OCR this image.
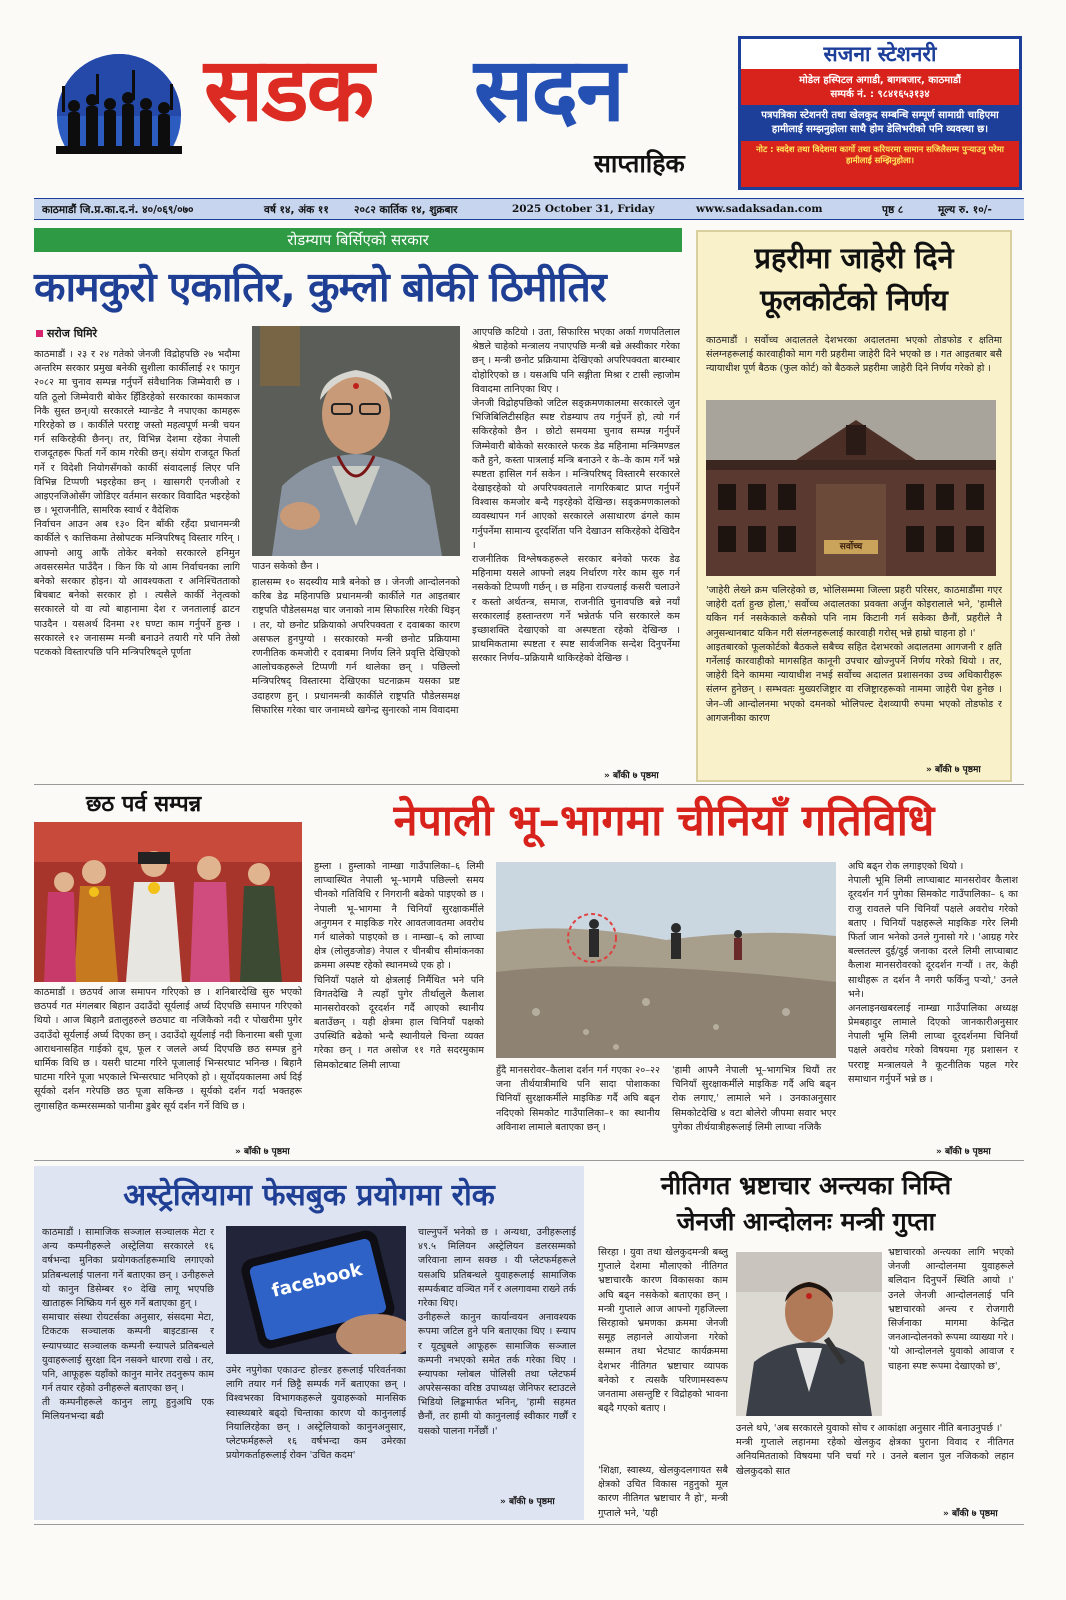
सडक सदन
साप्ताहिक
सजना स्टेशनरी
मोडेल हस्पिटल अगाडी, बागबजार, काठमाडौं
सम्पर्क नं. : ९८४१६५३१३४
पत्रपत्रिका स्टेशनरी तथा खेलकुद सम्बन्धि सम्पूर्ण सामाग्री चाहिएमा हामीलाई सम्झनुहोला साथै होम डेलिभरीको पनि व्यवस्था छ।
नोट : स्वदेश तथा विदेशमा कार्गो तथा करियरमा सामान सजिलैसम्म पुऱ्याउनु परेमा हामीलाई सम्झिनुहोला।
काठमाडौं जि.प्र.का.द.नं. ४०/०६९/०७०	वर्ष १४, अंक ११ २०८२ कार्तिक १४, शुक्रबार	2025 October 31, Friday	www.sadaksadan.com	पृष्ठ ८	मूल्य रु. १०/-
रोडम्याप बिर्सिएको सरकार
कामकुरो एकातिर, कुम्लो बोकी ठिमीतिर
सरोज घिमिरे
काठमाडौं । २३ र २४ गतेको जेनजी विद्रोहपछि २७ भदौमा अन्तरिम सरकार प्रमुख बनेकी सुशीला कार्कीलाई २१ फागुन २०८२ मा चुनाव सम्पन्न गर्नुपर्ने संवैधानिक जिम्मेवारी छ । यति ठूलो जिम्मेवारी बोकेर हिँडिरहेको सरकारका कामकाज निकै सुस्त छन्।यो सरकारले म्यान्डेट नै नपाएका कामहरू गरिरहेको छ । कार्कीले परराष्ट्र जस्तो महत्वपूर्ण मन्त्री चयन गर्न सकिरहेकी छैनन्। तर, विभिन्न देशमा रहेका नेपाली राजदूतहरू फिर्ता गर्ने काम गरेकी छन्। संयोग राजदूत फिर्ता गर्ने र विदेशी नियोगसँगको कार्की संवादलाई लिएर पनि विभिन्न टिप्पणी भइरहेका छन् । खासगरी एनजीओ र आइएनजिओसँग जोडिएर वर्तमान सरकार विवादित भइरहेको छ । भूराजनीति, सामरिक स्वार्थ र वैदेशिक
निर्वाचन आउन अब १३० दिन बाँकी रहँदा प्रधानमन्त्री कार्कीले ९ कात्तिकमा तेस्रोपटक मन्त्रिपरिषद् विस्तार गरिन् । आफ्नो आयु आफैं तोकेर बनेको सरकारले हनिमुन अवसरसमेत पाउँदैन । किन कि यो आम निर्वाचनका लागि बनेको सरकार होइन। यो आवश्यकता र अनिश्चितताको बिचबाट बनेको सरकार हो । त्यसैले कार्की नेतृत्वको सरकारले यो वा त्यो बाहानामा देश र जनतालाई ढाटन पाउदैन । यसअर्थ दिनमा २१ घण्टा काम गर्नुपर्ने हुन्छ । सरकारले १२ जनासम्म मन्त्री बनाउने तयारी गरे पनि तेस्रो पटकको विस्तारपछि पनि मन्त्रिपरिषद्ले पूर्णता
पाउन सकेको छैन ।
हालसम्म १० सदस्यीय मात्रै बनेको छ । जेनजी आन्दोलनको करिब डेढ महिनापछि प्रधानमन्त्री कार्कीले गत आइतबार राष्ट्रपति पौडेलसमक्ष चार जनाको नाम सिफारिस गरेकी थिइन् । तर, यो छनोट प्रक्रियाको अपरिपक्वता र दवाबका कारण असफल हुनपुग्यो । सरकारको मन्त्री छनोट प्रक्रियामा रणनीतिक कमजोरी र दवाबमा निर्णय लिने प्रवृत्ति देखिएको आलोचकहरूले टिप्पणी गर्न थालेका छन् । पछिल्लो मन्त्रिपरिषद् विस्तारमा देखिएका घटनाक्रम यसका प्रष्ट उदाहरण हुन् । प्रधानमन्त्री कार्कीले राष्ट्रपति पौडेलसमक्ष सिफारिस गरेका चार जनामध्ये खगेन्द्र सुनारको नाम विवादमा
आएपछि कटियो । उता, सिफारिस भएका अर्का गणपतिलाल श्रेष्ठले चाहेको मन्त्रालय नपाएपछि मन्त्री बन्ने अस्वीकार गरेका छन् । मन्त्री छनोट प्रक्रियामा देखिएको अपरिपक्वता बारम्बार दोहोरिएको छ । यसअघि पनि सङ्गीता मिश्रा र टासी ल्हाजोम विवादमा तानिएका थिए ।
जेनजी विद्रोहपछिको जटिल सङ्क्रमणकालमा सरकारले जुन भिजिबिलिटीसहित स्पष्ट रोडम्याप तय गर्नुपर्ने हो, त्यो गर्न सकिरहेको छैन । छोटो समयमा चुनाव सम्पन्न गर्नुपर्ने जिम्मेवारी बोकेको सरकारले फरक डेढ महिनामा मन्त्रिमण्डल कतै हुने, कस्ता पात्रलाई मन्त्रि बनाउने र के–के काम गर्ने भन्ने स्पष्टता हासिल गर्न सकेन । मन्त्रिपरिषद् विस्तारमै सरकारले देखाइरहेको यो अपरिपक्वताले नागरिकबाट प्राप्त गर्नुपर्ने विश्वास कमजोर बन्दै गइरहेको देखिन्छ। सङ्क्रमणकालको व्यवस्थापन गर्न आएको सरकारले असाधारण ढंगले काम गर्नुपर्नेमा सामान्य दूरदर्शिता पनि देखाउन सकिरहेको देखिदैन ।
राजनीतिक विश्लेषकहरूले सरकार बनेको फरक डेढ महिनामा यसले आफ्नो लक्ष्य निर्धारण गरेर काम सुरु गर्न नसकेको टिप्पणी गर्छन् । छ महिना राज्यलाई कसरी चलाउने र कस्तो अर्थतन्त्र, समाज, राजनीति चुनावपछि बन्ने नयाँ सरकारलाई हस्तान्तरण गर्ने भन्नेतर्फ पनि सरकारले कम इच्छाशक्ति देखाएको वा अस्पष्टता रहेको देखिन्छ । प्राथमिकतामा स्पष्टता र स्पष्ट सार्वजनिक सन्देश दिनुपर्नेमा सरकार निर्णय–प्रक्रियामै थाकिरहेको देखिन्छ ।
» बाँकी ७ पृष्ठमा
प्रहरीमा जाहेरी दिने
फूलकोर्टको निर्णय
काठमाडौं । सर्वोच्च अदालतले देशभरका अदालतमा भएको तोडफोड र क्षतिमा संलग्नहरूलाई कारवाहीको माग गरी प्रहरीमा जाहेरी दिने भएको छ । गत आइतबार बसै न्यायाधीश पूर्ण बैठक (फुल कोर्ट) को बैठकले प्रहरीमा जाहेरी दिने निर्णय गरेको हो ।
सर्वोच्च
'जाहेरी लेख्ने क्रम चलिरहेको छ, भोलिसम्ममा जिल्ला प्रहरी परिसर, काठमाडौंमा गएर जाहेरी दर्ता हुन्छ होला,' सर्वोच्च अदालतका प्रवक्ता अर्जुन कोइरालाले भने, 'हामीले यकिन गर्न नसकेकाले कसैको पनि नाम किटानी गर्न सकेका छैनौं, प्रहरीले नै अनुसन्धानबाट यकिन गरी संलग्नहरूलाई कारवाही गरोस् भन्ने हाम्रो चाहना हो ।'
आइतबारको फूलकोर्टको बैठकले सबैच्च सहित देशभरको अदालतमा आगजनी र क्षति गर्नेलाई कारवाहीको मागसहित कानूनी उपचार खोज्नुपर्ने निर्णय गरेको थियो । तर, जाहेरी दिने काममा न्यायाधीश नभई सर्वोच्च अदालत प्रशासनका उच्च अधिकारीहरू संलग्न हुनेछन् । सम्भवतः मुख्यरजिष्ट्रार वा रजिष्ट्रारहरूको नाममा जाहेरी पेश हुनेछ । जेन–जी आन्दोलनमा भएको दमनको भोलिपल्ट देशव्यापी रुपमा भएको तोडफोड र आगजनीका कारण
» बाँकी ७ पृष्ठमा
छठ पर्व सम्पन्न
काठमाडौं । छठपर्व आज समापन गरिएको छ । शनिबारदेखि सुरु भएको छठपर्व गत मंगलबार बिहान उदाउँदो सूर्यलाई अर्घ्य दिएपछि समापन गरिएको थियो । आज बिहानै व्रतालुहरुले छठघाट वा नजिकैको नदी र पोखरीमा पुगेर उदाउँदो सूर्यलाई अर्घ्य दिएका छन् । उदाउँदो सूर्यलाई नदी किनारमा बसी पूजा आराधनासहित गाईको दूध, फूल र जलले अर्घ्य दिएपछि छठ सम्पन्न हुने धार्मिक विधि छ । यसरी घाटमा गरिने पूजालाई भिन्सरघाट भनिन्छ । बिहानै घाटमा गरिने पूजा भएकाले भिन्सरघाट भनिएको हो । सूर्योदयकालमा अर्घ दिई सूर्यको दर्शन गरेपछि छठ पूजा सकिन्छ । सूर्यको दर्शन गर्दा भक्तहरू लुगासहित कम्मरसम्मको पानीमा डुबेर सूर्य दर्शन गर्ने विधि छ ।
» बाँकी ७ पृष्ठमा
नेपाली भू–भागमा चीनियाँ गतिविधि
हुम्ला । हुम्लाको नाम्खा गाउँपालिका–६ लिमी लाप्चास्थित नेपाली भू–भागमै पछिल्लो समय चीनको गतिविधि र निगरानी बढेको पाइएको छ । नेपाली भू–भागमा नै चिनियाँ सुरक्षाकर्मीले अनुगमन र माइकिङ गरेर आवतजावतमा अवरोध गर्न थालेको पाइएको छ । नाम्खा–६ को लाप्चा क्षेत्र (लोलुङजोङ) नेपाल र चीनबीच सीमांकनका क्रममा अस्पष्ट रहेको स्थानमध्ये एक हो ।
चिनियाँ पक्षले यो क्षेत्रलाई निर्मैथित भने पनि विगतदेखि नै त्यहाँ पुगेर तीर्थालुले कैलाश मानसरोवरको दूरदर्शन गर्दै आएको स्थानीय बताउँछन् । यही क्षेत्रमा हाल चिनियाँ पक्षको उपस्थिति बढेको भन्दै स्थानीयले चिन्ता व्यक्त गरेका छन् । गत असोज ११ गते सदरमुकाम सिमकोटबाट लिमी लाप्चा	हुँदै मानसरोवर–कैलाश दर्शन गर्न गएका २०–२२ जना तीर्थयात्रीमाथि पनि सादा पोशाकका चिनियाँ सुरक्षाकर्मीले माइकिङ गर्दै अघि बढ्न नदिएको सिमकोट गाउँपालिका–१ का स्थानीय अविनाश लामाले बताएका छन् ।
'हामी आफ्नै नेपाली भू–भागभित्र थियौं तर चिनियाँ सुरक्षाकर्मीले माइकिङ गर्दै अघि बढ्न रोक लगाए,' लामाले भने । उनकाअनुसार सिमकोटदेखि ४ वटा बोलेरो जीपमा सवार भएर पुगेका तीर्थयात्रीहरूलाई लिमी लाप्चा नजिकै
अघि बढ्न रोक लगाइएको थियो ।
नेपाली भूमि लिमी लाप्चाबाट मानसरोवर कैलाश दूरदर्शन गर्न पुगेका सिमकोट गाउँपालिका– ६ का राजु रावतले पनि चिनियाँ पक्षले अवरोध गरेको बताए । चिनियाँ पक्षहरूले माइकिङ गरेर लिमी फिर्ता जान भनेको उनले गुनासो गरे । 'आग्रह गरेर बल्लतल्ल दुई/दुई जनाका दरले लिमी लाप्चाबाट कैलाश मानसरोवरको दूरदर्शन गऱ्यौं । तर, केही साथीहरू त दर्शन नै नगरी फर्किनु पऱ्यो,' उनले भने।
अनलाइनखबरलाई नाम्खा गाउँपालिका अध्यक्ष प्रेमबहादुर लामाले दिएको जानकारीअनुसार नेपाली भूमि लिमी लाप्चा दूरदर्शनमा चिनियाँ पक्षले अवरोध गरेको विषयमा गृह प्रशासन र परराष्ट्र मन्त्रालयले नै कूटनीतिक पहल गरेर समाधान गर्नुपर्ने भन्ने छ ।
» बाँकी ७ पृष्ठमा
अस्ट्रेलियामा फेसबुक प्रयोगमा रोक
काठमाडौं । सामाजिक सञ्जाल सञ्चालक मेटा र अन्य कम्पनीहरूले अस्ट्रेलिया सरकारले १६ वर्षभन्दा मुनिका प्रयोगकर्ताहरूमाथि लगाएको प्रतिबन्धलाई पालना गर्ने बताएका छन् । उनीहरूले यो कानुन डिसेम्बर १० देखि लागू भएपछि खाताहरू निष्क्रिय गर्न सुरु गर्ने बताएका हुन् ।
समाचार संस्था रोयटर्सका अनुसार, संसदमा मेटा, टिकटक सञ्चालक कम्पनी बाइटडान्स र स्न्यापच्याट सञ्चालक कम्पनी स्न्यापले प्रतिबन्धले युवाहरूलाई सुरक्षा दिन नसक्ने धारणा राखे । तर, पनि, आफूहरू यहाँको कानुन मानेर तदनुरूप काम गर्न तयार रहेको उनीहरूले बताएका छन् ।
ती कम्पनीहरूले कानुन लागू हुनुअघि एक मिलियनभन्दा बढी
facebook
उमेर नपुगेका एकाउन्ट होल्डर हरूलाई परिवर्तनका लागि तयार गर्न छिट्टै सम्पर्क गर्ने बताएका छन् । विश्वभरका विभागकहरूले युवाहरूको मानसिक स्वास्थ्यबारे बढ्दो चिन्ताका कारण यो कानुनलाई नियालिरहेका छन् । अस्ट्रेलियाको कानुनअनुसार, प्लेटफर्महरूले १६ वर्षभन्दा कम उमेरका प्रयोगकर्ताहरूलाई रोक्न 'उचित कदम'
चाल्नुपर्ने भनेको छ । अन्यथा, उनीहरूलाई ४९.५ मिलियन अस्ट्रेलियन डलरसम्मको जरिवाना लाग्न सक्छ । यी प्लेटफर्महरूले यसअघि प्रतिबन्धले युवाहरूलाई सामाजिक सम्पर्कबाट वञ्चित गर्ने र अलगावमा राख्ने तर्क गरेका थिए।
उनीहरूले कानुन कार्यान्वयन अनावश्यक रूपमा जटिल हुने पनि बताएका थिए । स्न्याप र यूट्युबले आफूहरू सामाजिक सञ्जाल कम्पनी नभएको समेत तर्क गरेका थिए । स्न्यापका ग्लोबल पोलिसी तथा प्लेटफर्म अपरेसन्सका वरिष्ठ उपाध्यक्ष जेनिफर स्टाउटले भिडियो लिङ्कमार्फत भनिन्, 'हामी सहमत छैनौं, तर हामी यो कानुनलाई स्वीकार गर्छौं र यसको पालना गर्नेछौं ।'
» बाँकी ७ पृष्ठमा
नीतिगत भ्रष्टाचार अन्त्यका निम्ति
जेनजी आन्दोलनः मन्त्री गुप्ता
सिरहा । युवा तथा खेलकुदमन्त्री बब्लु गुप्ताले देशमा मौलाएको नीतिगत भ्रष्टाचारकै कारण विकासका काम अघि बढ्न नसकेको बताएका छन् । मन्त्री गुप्ताले आज आफ्नो गृहजिल्ला सिरहाको भ्रमणका क्रममा जेनजी समूह लहानले आयोजना गरेको सम्मान तथा भेटघाट कार्यक्रममा देशभर नीतिगत भ्रष्टाचार व्यापक बनेको र त्यसकै परिणामस्वरूप जनतामा असन्तुष्टि र विद्रोहको भावना बढ्दै गएको बताए ।
भ्रष्टाचारको अन्त्यका लागि भएको जेनजी आन्दोलनमा युवाहरूले बलिदान दिनुपर्ने स्थिति आयो ।' उनले जेनजी आन्दोलनलाई पनि भ्रष्टाचारको अन्त्य र रोजगारी सिर्जनाका मागमा केन्द्रित जनआन्दोलनको रूपमा व्याख्या गरे । 'यो आन्दोलनले युवाको आवाज र चाहना स्पष्ट रूपमा देखाएको छ',
उनले थपे, 'अब सरकारले युवाको सोच र आकांक्षा अनुसार नीति बनाउनुपर्छ ।'
मन्त्री गुप्ताले लहानमा रहेको खेलकुद क्षेत्रका पुराना विवाद र नीतिगत अनियमितताको विषयमा पनि चर्चा गरे । उनले बलान पुल नजिकको लहान खेलकुदको सात
'शिक्षा, स्वास्थ्य, खेलकुदलगायत सबै क्षेत्रको उचित विकास नहुनुको मूल कारण नीतिगत भ्रष्टाचार नै हो', मन्त्री गुप्ताले भने, 'यही	» बाँकी ७ पृष्ठमा
